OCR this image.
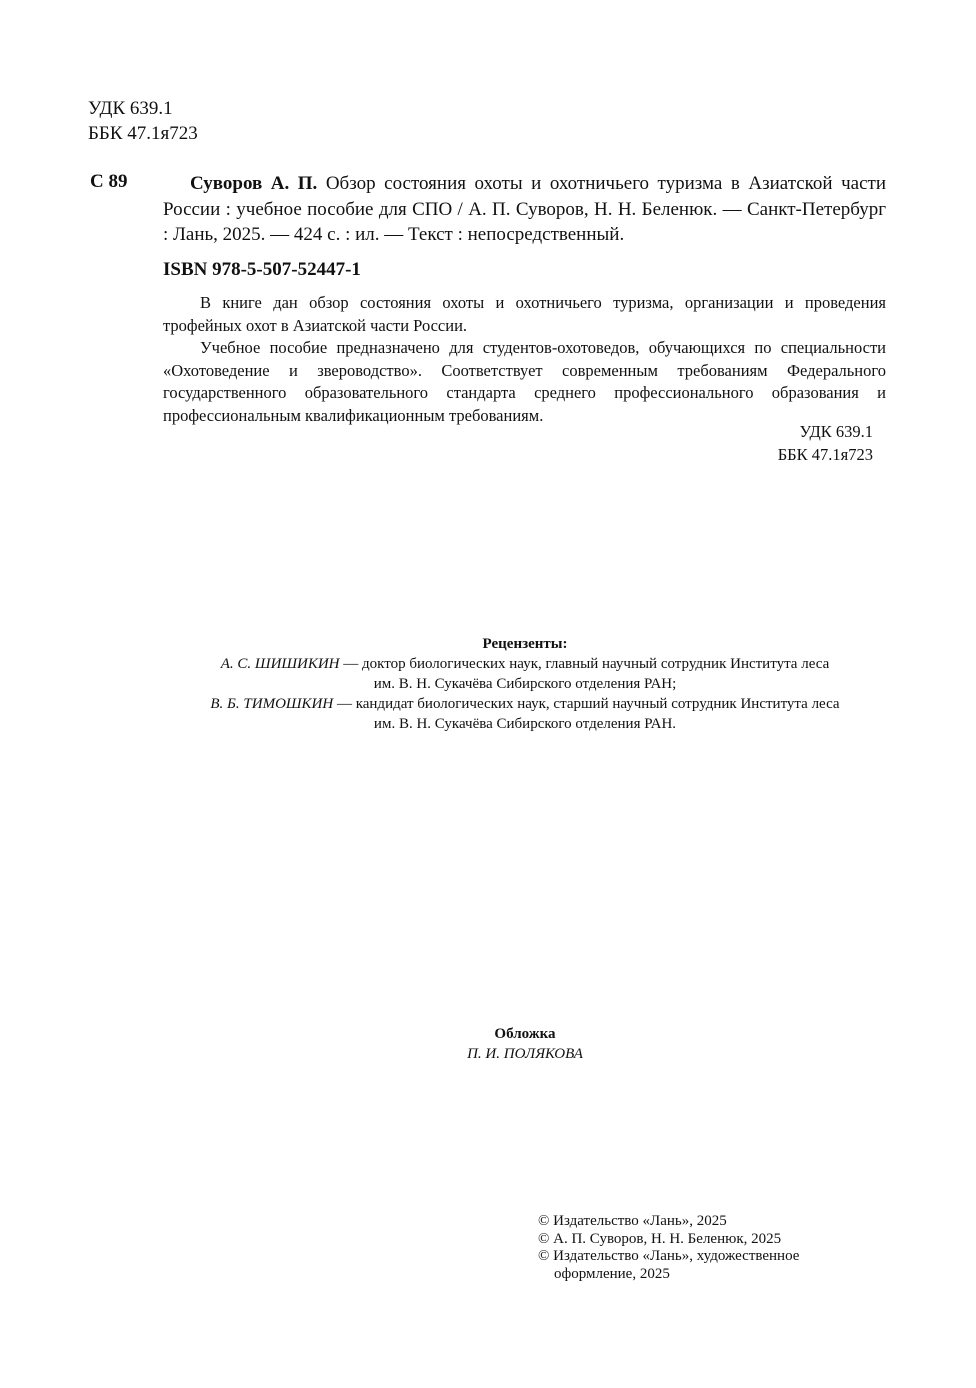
УДК 639.1
ББК 47.1я723
С 89	Суворов А. П. Обзор состояния охоты и охотничьего туризма в Азиатской части России : учебное пособие для СПО / А. П. Суворов, Н. Н. Беленюк. — Санкт-Петербург : Лань, 2025. — 424 с. : ил. — Текст : непосредственный.
ISBN 978-5-507-52447-1

В книге дан обзор состояния охоты и охотничьего туризма, организации и проведения трофейных охот в Азиатской части России.

Учебное пособие предназначено для студентов-охотоведов, обучающихся по специальности «Охотоведение и звероводство». Соответствует современным требованиям Федерального государственного образовательного стандарта среднего профессионального образования и профессиональным квалификационным требованиям.

УДК 639.1
ББК 47.1я723
Рецензенты:
А. С. ШИШИКИН — доктор биологических наук, главный научный сотрудник Института леса
им. В. Н. Сукачёва Сибирского отделения РАН;
В. Б. ТИМОШКИН — кандидат биологических наук, старший научный сотрудник Института леса
им. В. Н. Сукачёва Сибирского отделения РАН.
Обложка
П. И. ПОЛЯКОВА
© Издательство «Лань», 2025
© А. П. Суворов, Н. Н. Беленюк, 2025
© Издательство «Лань», художественное
оформление, 2025
